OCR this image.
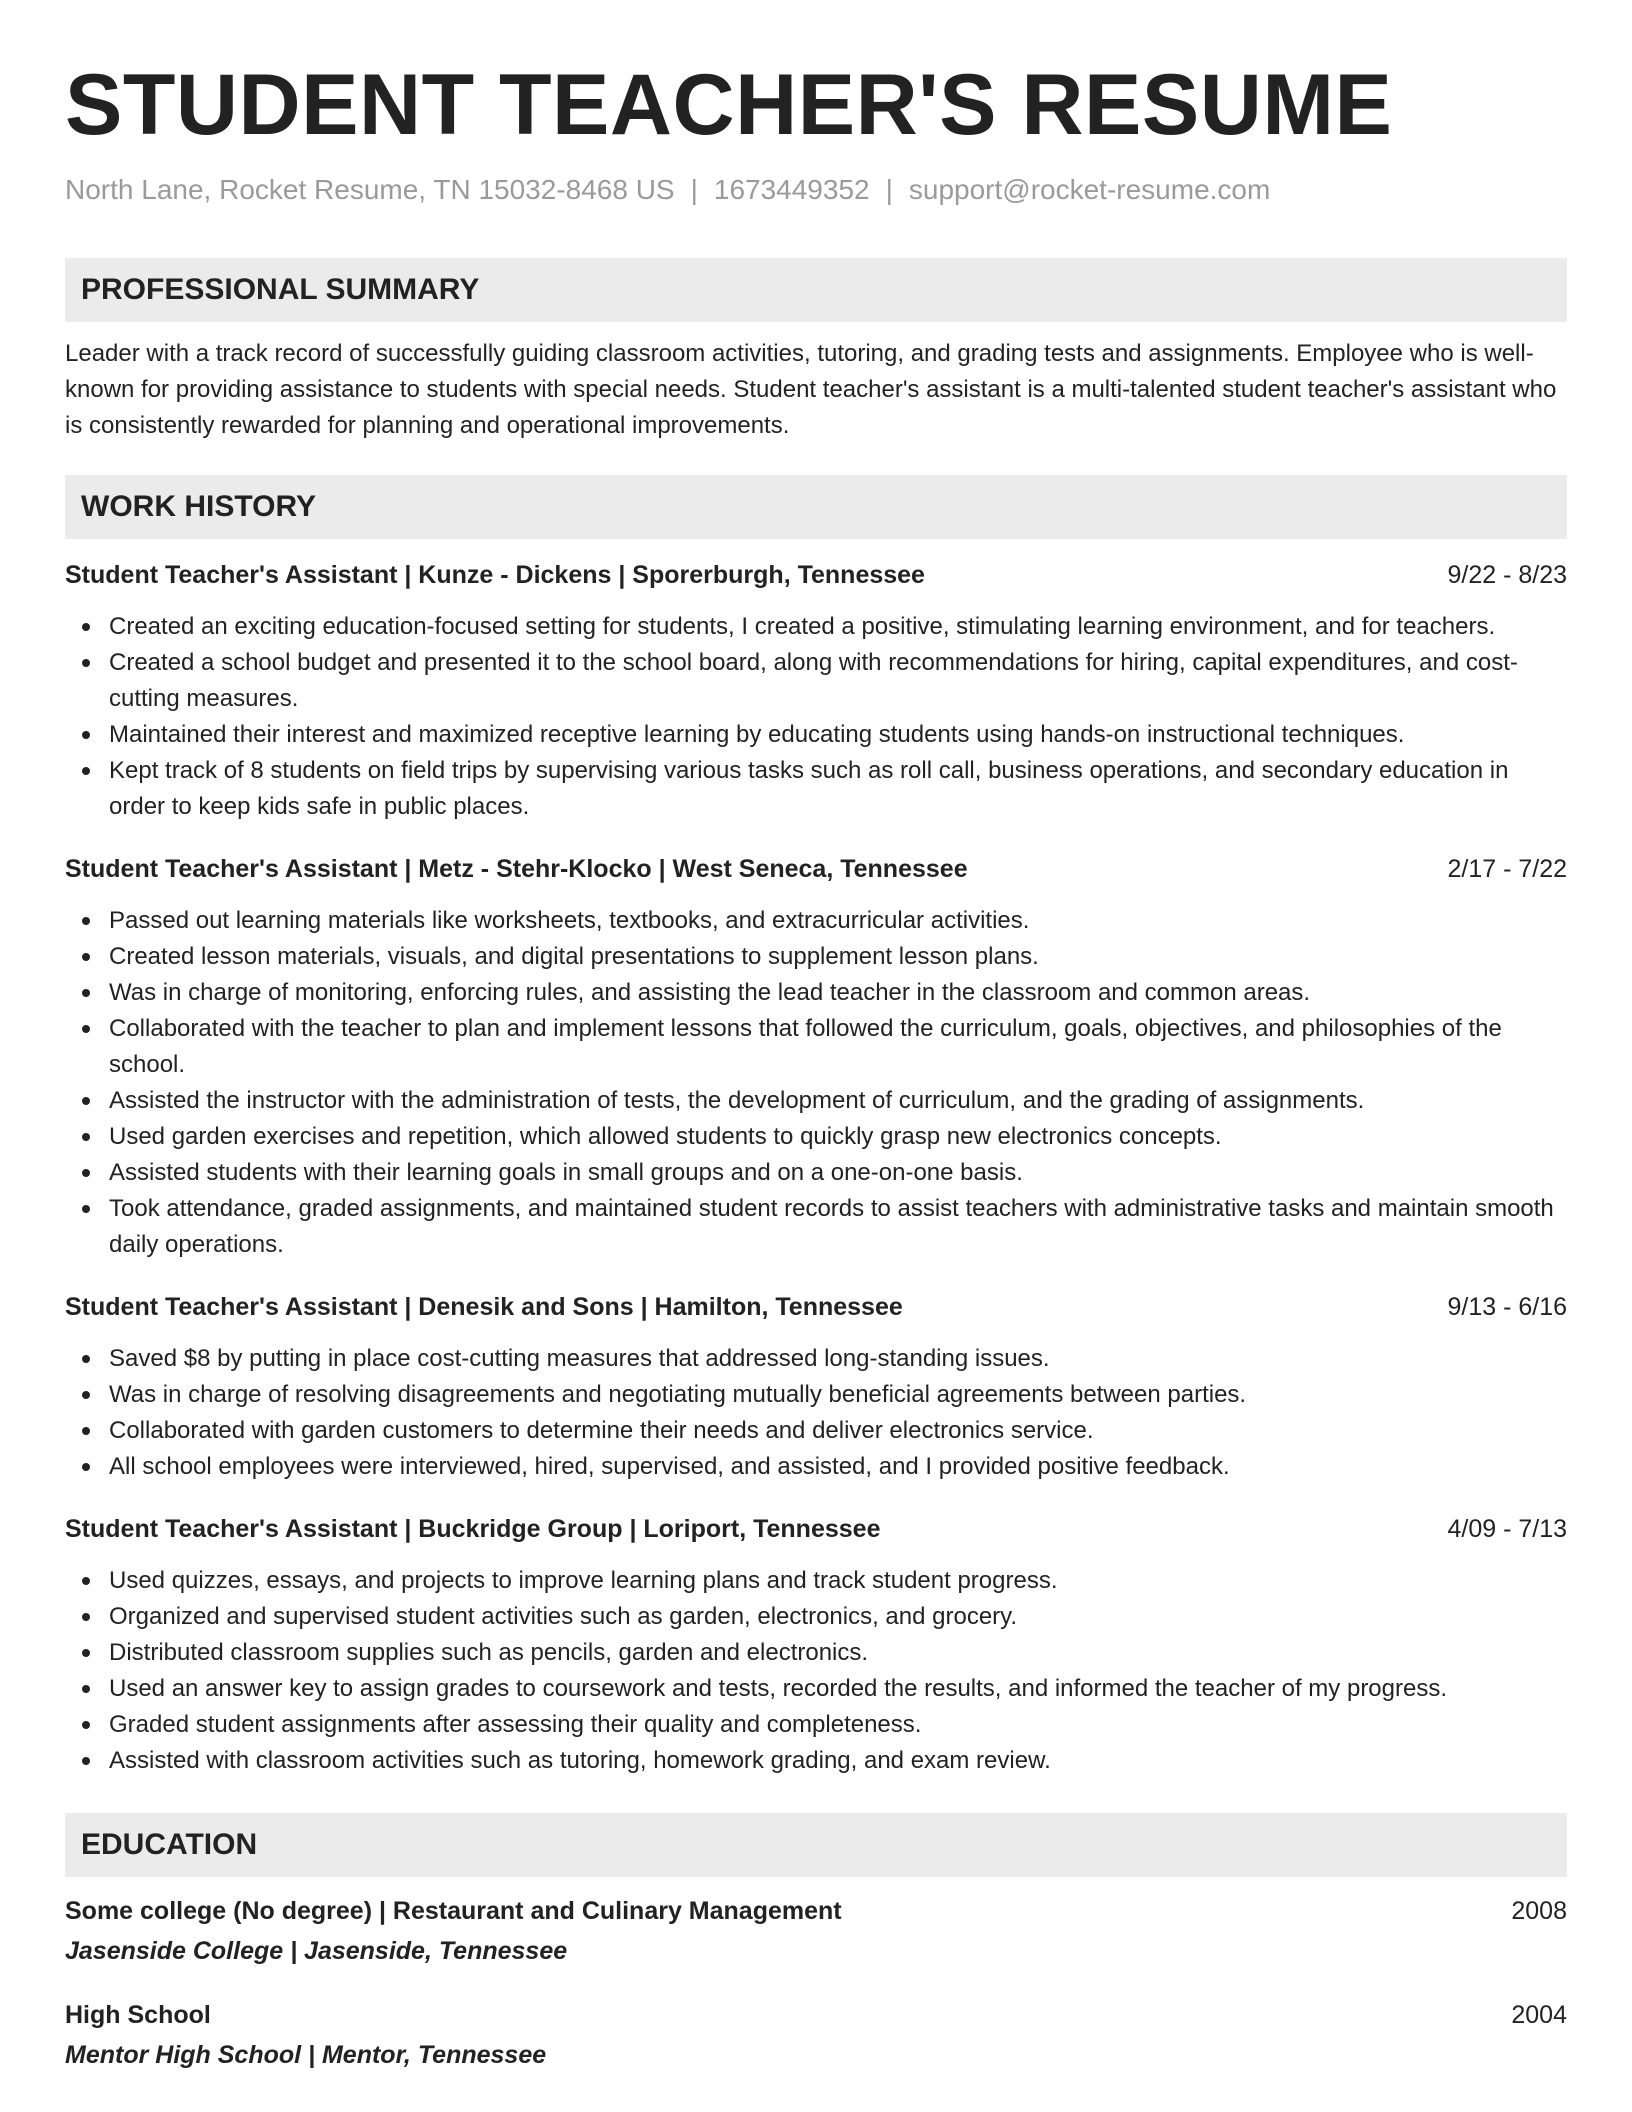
STUDENT TEACHER'S RESUME
North Lane, Rocket Resume, TN 15032-8468 US | 1673449352 | support@rocket-resume.com
PROFESSIONAL SUMMARY

Leader with a track record of successfully guiding classroom activities, tutoring, and grading tests and assignments. Employee who is well-known for providing assistance to students with special needs. Student teacher's assistant is a multi-talented student teacher's assistant who is consistently rewarded for planning and operational improvements.

WORK HISTORY
Student Teacher's Assistant | Kunze - Dickens | Sporerburgh, Tennessee	9/22 - 8/23
Created an exciting education-focused setting for students, I created a positive, stimulating learning environment, and for teachers.
Created a school budget and presented it to the school board, along with recommendations for hiring, capital expenditures, and cost-cutting measures.
Maintained their interest and maximized receptive learning by educating students using hands-on instructional techniques.
Kept track of 8 students on field trips by supervising various tasks such as roll call, business operations, and secondary education in order to keep kids safe in public places.
Student Teacher's Assistant | Metz - Stehr-Klocko | West Seneca, Tennessee	2/17 - 7/22
Passed out learning materials like worksheets, textbooks, and extracurricular activities.
Created lesson materials, visuals, and digital presentations to supplement lesson plans.
Was in charge of monitoring, enforcing rules, and assisting the lead teacher in the classroom and common areas.
Collaborated with the teacher to plan and implement lessons that followed the curriculum, goals, objectives, and philosophies of the school.
Assisted the instructor with the administration of tests, the development of curriculum, and the grading of assignments.
Used garden exercises and repetition, which allowed students to quickly grasp new electronics concepts.
Assisted students with their learning goals in small groups and on a one-on-one basis.
Took attendance, graded assignments, and maintained student records to assist teachers with administrative tasks and maintain smooth daily operations.
Student Teacher's Assistant | Denesik and Sons | Hamilton, Tennessee	9/13 - 6/16
Saved $8 by putting in place cost-cutting measures that addressed long-standing issues.
Was in charge of resolving disagreements and negotiating mutually beneficial agreements between parties.
Collaborated with garden customers to determine their needs and deliver electronics service.
All school employees were interviewed, hired, supervised, and assisted, and I provided positive feedback.
Student Teacher's Assistant | Buckridge Group | Loriport, Tennessee	4/09 - 7/13
Used quizzes, essays, and projects to improve learning plans and track student progress.
Organized and supervised student activities such as garden, electronics, and grocery.
Distributed classroom supplies such as pencils, garden and electronics.
Used an answer key to assign grades to coursework and tests, recorded the results, and informed the teacher of my progress.
Graded student assignments after assessing their quality and completeness.
Assisted with classroom activities such as tutoring, homework grading, and exam review.
EDUCATION
Some college (No degree) | Restaurant and Culinary Management	2008
Jasenside College | Jasenside, Tennessee
High School	2004
Mentor High School | Mentor, Tennessee
